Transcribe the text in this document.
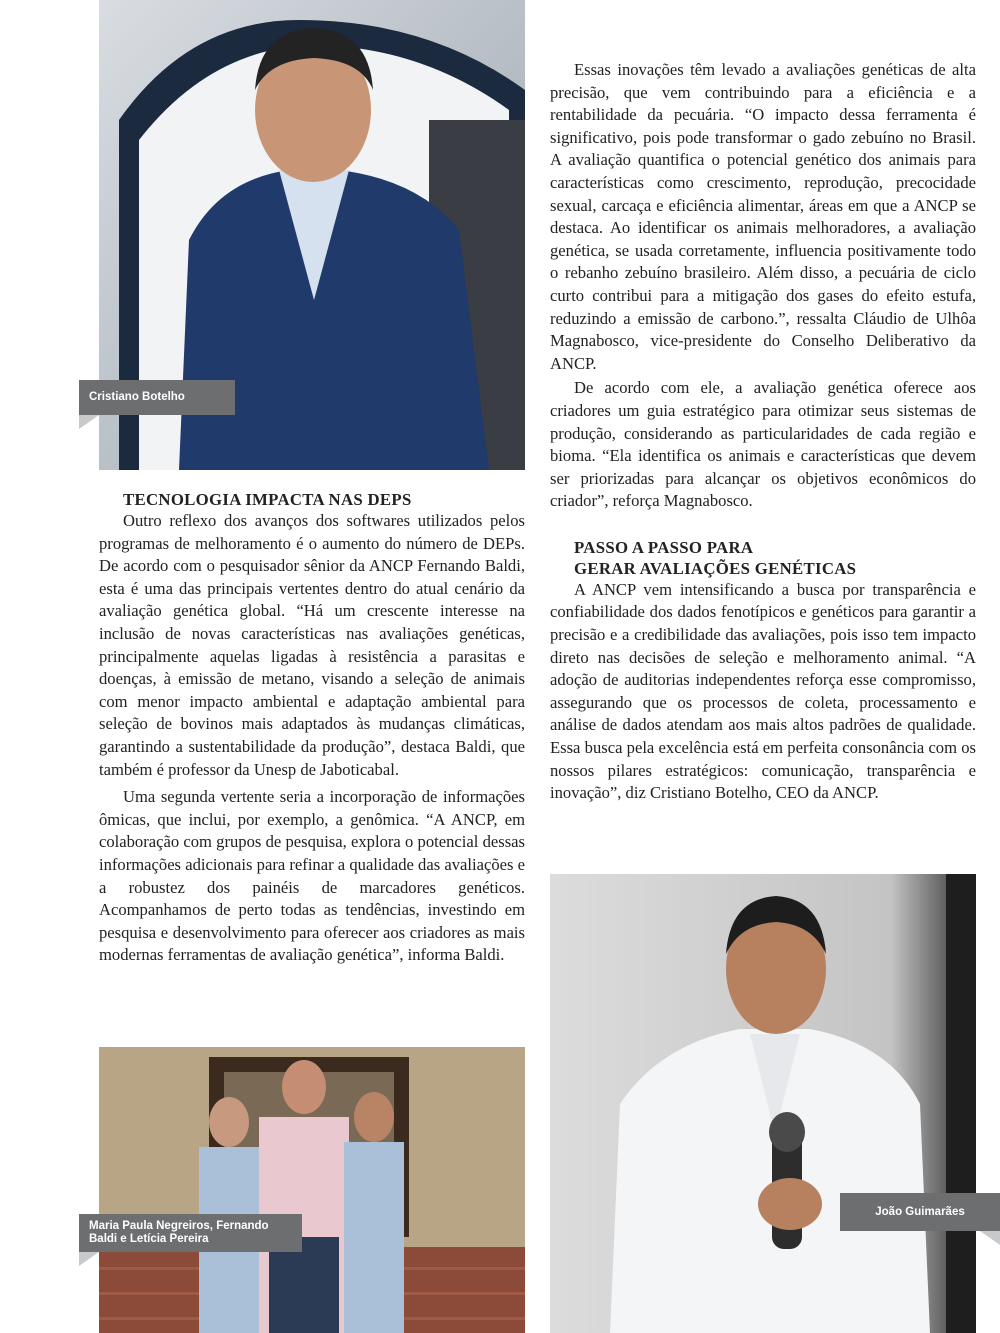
Cristiano Botelho
TECNOLOGIA IMPACTA NAS DEPS

Outro reflexo dos avanços dos softwares utilizados pelos programas de melhoramento é o aumento do número de DEPs. De acordo com o pesquisador sênior da ANCP Fernando Baldi, esta é uma das principais vertentes dentro do atual cenário da avaliação genética global. “Há um crescente interesse na inclusão de novas características nas avaliações genéticas, principalmente aquelas ligadas à resistência a parasitas e doenças, à emissão de metano, visando a seleção de animais com menor impacto ambiental e adaptação ambiental para seleção de bovinos mais adaptados às mudanças climáticas, garantindo a sustentabilidade da produção”, destaca Baldi, que também é professor da Unesp de Jaboticabal.

Uma segunda vertente seria a incorporação de informações ômicas, que inclui, por exemplo, a genômica. “A ANCP, em colaboração com grupos de pesquisa, explora o potencial dessas informações adicionais para refinar a qualidade das avaliações e a robustez dos painéis de marcadores genéticos. Acompanhamos de perto todas as tendências, investindo em pesquisa e desenvolvimento para oferecer aos criadores as mais modernas ferramentas de avaliação genética”, informa Baldi.

Maria Paula Negreiros, Fernando Baldi e Letícia Pereira

Essas inovações têm levado a avaliações genéticas de alta precisão, que vem contribuindo para a eficiência e a rentabilidade da pecuária. “O impacto dessa ferramenta é significativo, pois pode transformar o gado zebuíno no Brasil. A avaliação quantifica o potencial genético dos animais para características como crescimento, reprodução, precocidade sexual, carcaça e eficiência alimentar, áreas em que a ANCP se destaca. Ao identificar os animais melhoradores, a avaliação genética, se usada corretamente, influencia positivamente todo o rebanho zebuíno brasileiro. Além disso, a pecuária de ciclo curto contribui para a mitigação dos gases do efeito estufa, reduzindo a emissão de carbono.”, ressalta Cláudio de Ulhôa Magnabosco, vice-presidente do Conselho Deliberativo da ANCP.

De acordo com ele, a avaliação genética oferece aos criadores um guia estratégico para otimizar seus sistemas de produção, considerando as particularidades de cada região e bioma. “Ela identifica os animais e características que devem ser priorizadas para alcançar os objetivos econômicos do criador”, reforça Magnabosco.

PASSO A PASSO PARA
GERAR AVALIAÇÕES GENÉTICAS

A ANCP vem intensificando a busca por transparência e confiabilidade dos dados fenotípicos e genéticos para garantir a precisão e a credibilidade das avaliações, pois isso tem impacto direto nas decisões de seleção e melhoramento animal. “A adoção de auditorias independentes reforça esse compromisso, assegurando que os processos de coleta, processamento e análise de dados atendam aos mais altos padrões de qualidade. Essa busca pela excelência está em perfeita consonância com os nossos pilares estratégicos: comunicação, transparência e inovação”, diz Cristiano Botelho, CEO da ANCP.

João Guimarães
